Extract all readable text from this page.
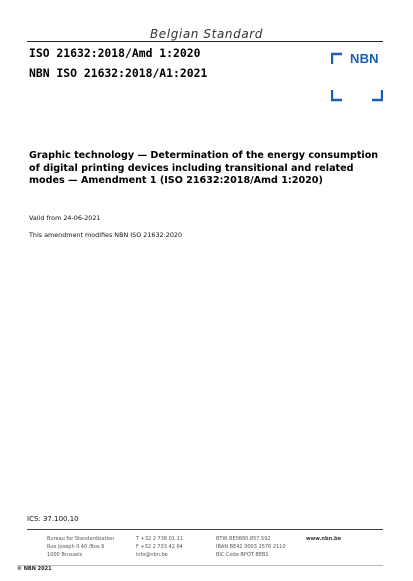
Belgian Standard
ISO 21632:2018/Amd 1:2020
NBN ISO 21632:2018/A1:2021
NBN
Graphic technology — Determination of the energy consumption
of digital printing devices including transitional and related
modes — Amendment 1 (ISO 21632:2018/Amd 1:2020)
Valid from 24-06-2021
This amendment modifies NBN ISO 21632:2020
ICS: 37.100.10
Bureau for Standardisation
Rue Joseph II 40 /Box 6
1000 Brussels
T +32 2 738 01 11
F +32 2 733 42 64
info@nbn.be
BTW BE0880.857.592
IBAN BE41 0003 2576 2110
BIC Code BPOT BEB1
www.nbn.be
© NBN 2021
